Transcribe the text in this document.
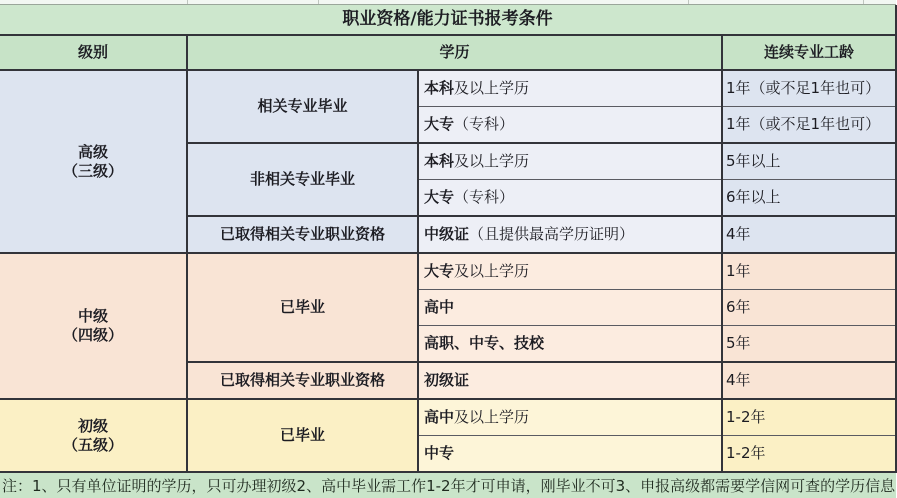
职业资格/能力证书报考条件			
级别	学历		连续专业工龄

高级
（三级）	相关专业毕业	本科及以上学历	1年（或不足1年也可）
		大专（专科）	1年（或不足1年也可）
	非相关专业毕业	本科及以上学历	5年以上
		大专（专科）	6年以上
	已取得相关专业职业资格	中级证（且提供最高学历证明）	4年

中级
（四级）	已毕业	大专及以上学历	1年
		高中	6年
		高职、中专、技校	5年
	已取得相关专业职业资格	初级证	4年

初级
（五级）	已毕业	高中及以上学历	1-2年
		中专	1-2年
注：1、只有单位证明的学历，只可办理初级2、高中毕业需工作1-2年才可申请，刚毕业不可3、申报高级都需要学信网可查的学历信息
